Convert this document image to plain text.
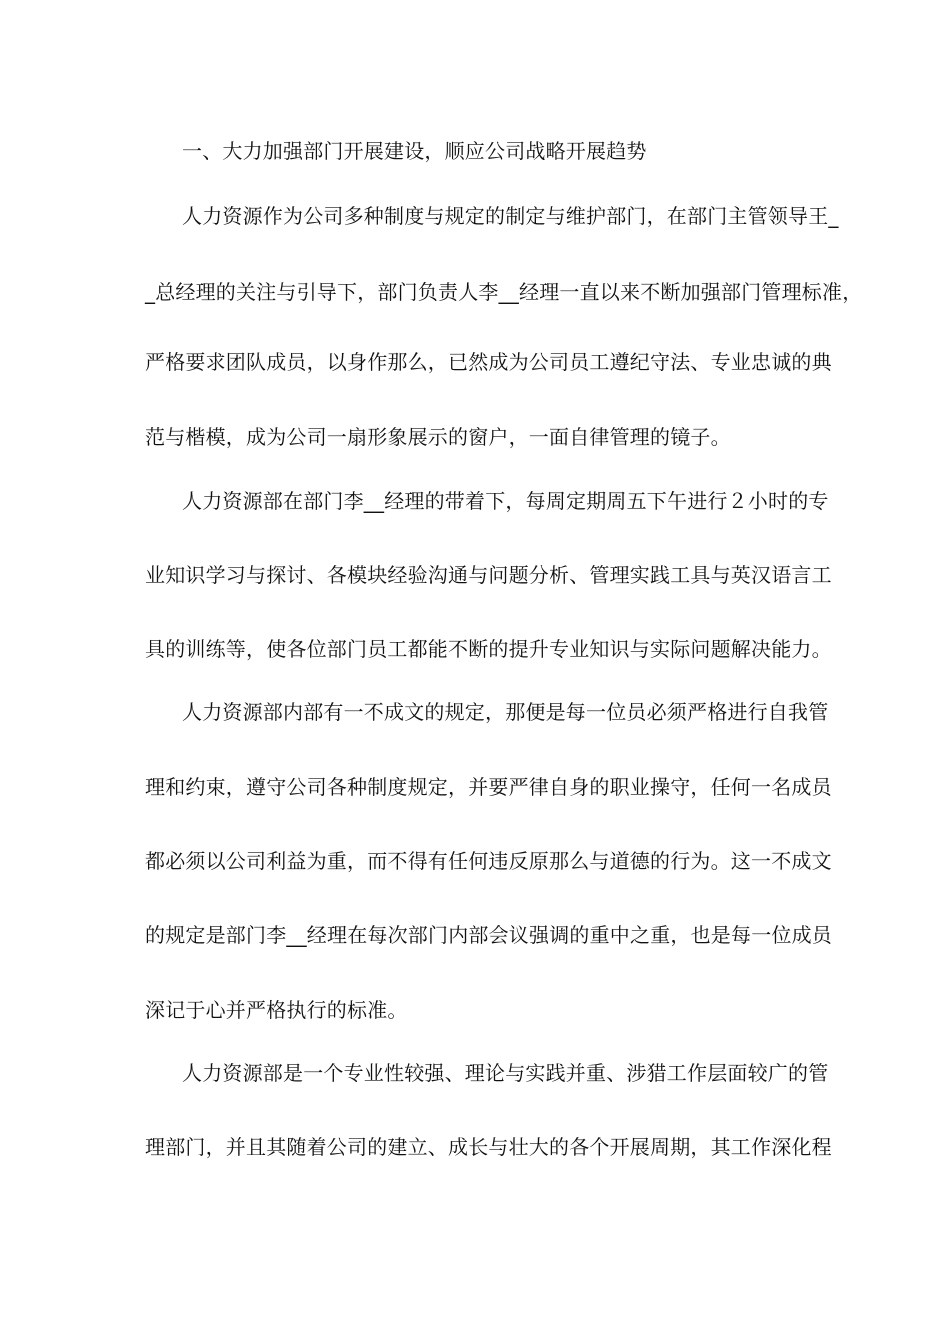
一、大力加强部门开展建设，顺应公司战略开展趋势
人力资源作为公司多种制度与规定的制定与维护部门，在部门主管领导王_
_总经理的关注与引导下，部门负责人李__经理一直以来不断加强部门管理标准，
严格要求团队成员，以身作那么，已然成为公司员工遵纪守法、专业忠诚的典
范与楷模，成为公司一扇形象展示的窗户，一面自律管理的镜子。
人力资源部在部门李__经理的带着下，每周定期周五下午进行２小时的专
业知识学习与探讨、各模块经验沟通与问题分析、管理实践工具与英汉语言工
具的训练等，使各位部门员工都能不断的提升专业知识与实际问题解决能力。
人力资源部内部有一不成文的规定，那便是每一位员必须严格进行自我管
理和约束，遵守公司各种制度规定，并要严律自身的职业操守，任何一名成员
都必须以公司利益为重，而不得有任何违反原那么与道德的行为。这一不成文
的规定是部门李__经理在每次部门内部会议强调的重中之重，也是每一位成员
深记于心并严格执行的标准。
人力资源部是一个专业性较强、理论与实践并重、涉猎工作层面较广的管
理部门，并且其随着公司的建立、成长与壮大的各个开展周期，其工作深化程
